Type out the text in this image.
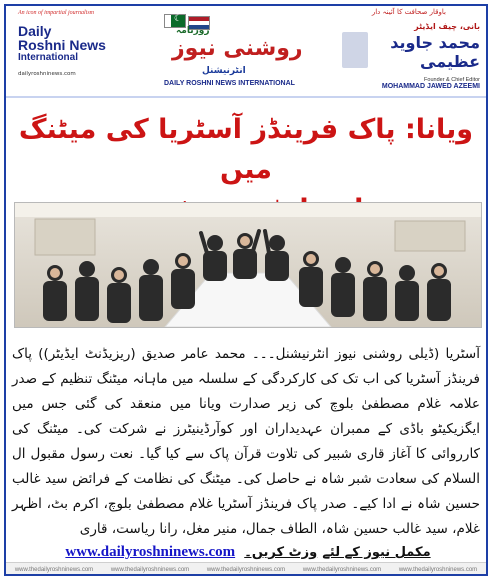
An icon of impartial journalism	باوقار صحافت کا آئینہ دار
Daily
Roshni News
International
dailyroshninews.com
☾
روزنامہ
روشنی نیوز
انٹرنیشنل
DAILY ROSHNI NEWS INTERNATIONAL
بانی، چیف ایڈیٹر
محمد جاوید عظیمی
Founder & Chief Editor
MOHAMMAD JAWED AZEEMI
ویانا: پاک فرینڈز آسٹریا کی میٹنگ میں
آسٹریا (ڈیلی روشنی نیوز انٹرنیشنل۔۔۔ محمد عامر صدیق (ریزیڈنٹ ایڈیٹر)) پاک فرینڈز آسٹریا کی اب تک کی کارکردگی کے سلسلہ میں ماہانہ میٹنگ تنظیم کے صدر علامہ غلام مصطفیٰ بلوچ کی زیر صدارت ویانا میں منعقد کی گئی جس میں ایگزیکیٹو باڈی کے ممبران عہدیداران اور کوآرڈینیٹرز نے شرکت کی۔ میٹنگ کی کارروائی کا آغاز قاری شبیر کی تلاوت قرآن پاک سے کیا گیا۔ نعت رسول مقبول ال السلام کی سعادت شبر شاہ نے حاصل کی۔ میٹنگ کی نظامت کے فرائض سید غالب حسین شاہ نے ادا کیے۔ صدر پاک فرینڈز آسٹریا غلام مصطفیٰ بلوچ، اکرم بٹ، اظہر غلام، سید غالب حسین شاہ، الطاف جمال، منیر مغل، رانا ریاست، قاری
www.dailyroshninews.com	مکمل نیوز کے لئے وزٹ کریں۔
www.thedailyroshninews.com	www.thedailyroshninews.com	www.thedailyroshninews.com	www.thedailyroshninews.com	www.thedailyroshninews.com
